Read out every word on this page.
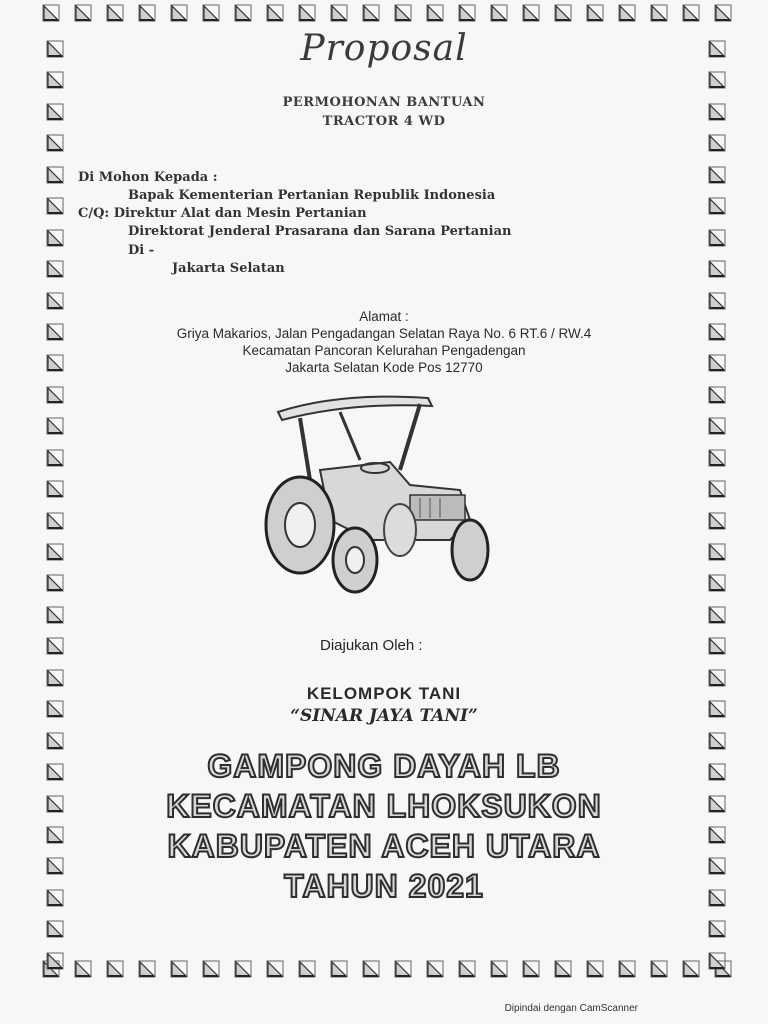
Proposal
PERMOHONAN BANTUAN
TRACTOR 4 WD
Di Mohon Kepada :
Bapak Kementerian Pertanian Republik Indonesia
C/Q: Direktur Alat dan Mesin Pertanian
Direktorat Jenderal Prasarana dan Sarana Pertanian
Di -
Jakarta Selatan
Alamat :
Griya Makarios, Jalan Pengadangan Selatan Raya No. 6 RT.6 / RW.4
Kecamatan Pancoran Kelurahan Pengadengan
Jakarta Selatan Kode Pos 12770
Diajukan Oleh :
KELOMPOK TANI
“SINAR JAYA TANI”
GAMPONG DAYAH LB
KECAMATAN LHOKSUKON
KABUPATEN ACEH UTARA
TAHUN 2021
Dipindai dengan CamScanner
